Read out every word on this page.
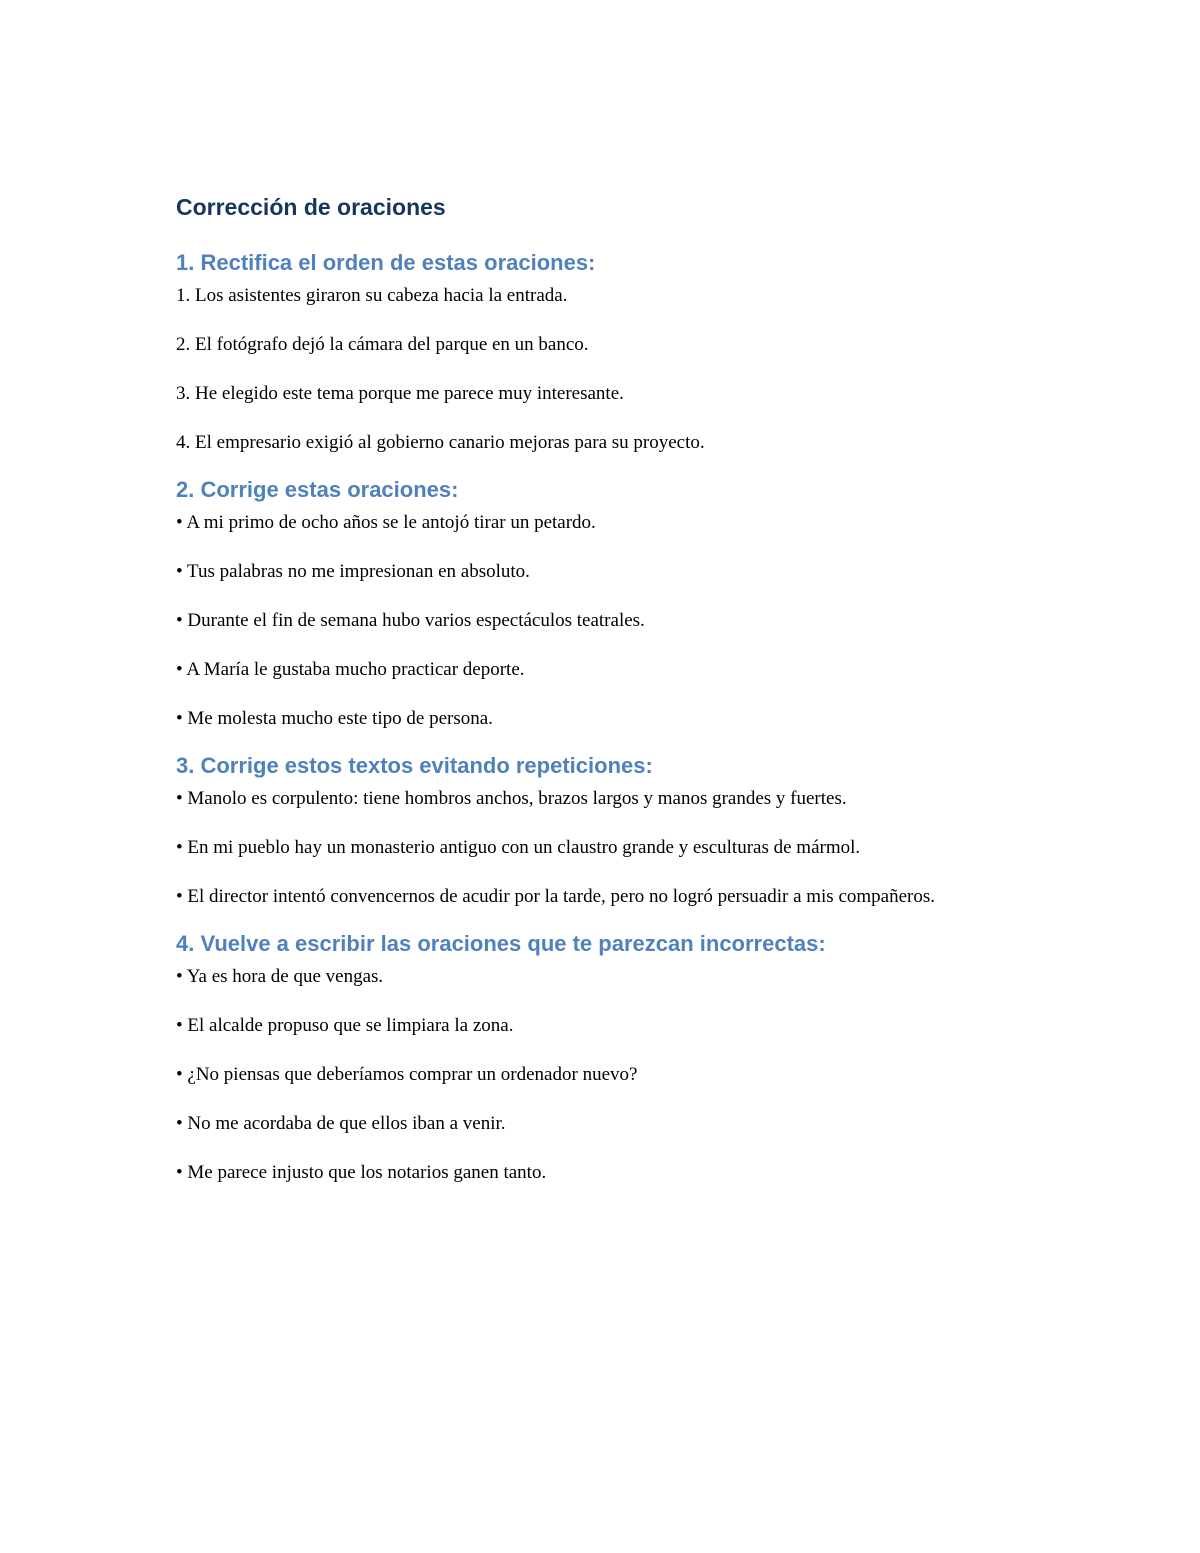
Corrección de oraciones
1. Rectifica el orden de estas oraciones:

1. Los asistentes giraron su cabeza hacia la entrada.

2. El fotógrafo dejó la cámara del parque en un banco.

3. He elegido este tema porque me parece muy interesante.

4. El empresario exigió al gobierno canario mejoras para su proyecto.

2. Corrige estas oraciones:

• A mi primo de ocho años se le antojó tirar un petardo.

• Tus palabras no me impresionan en absoluto.

• Durante el fin de semana hubo varios espectáculos teatrales.

• A María le gustaba mucho practicar deporte.

• Me molesta mucho este tipo de persona.

3. Corrige estos textos evitando repeticiones:

• Manolo es corpulento: tiene hombros anchos, brazos largos y manos grandes y fuertes.

• En mi pueblo hay un monasterio antiguo con un claustro grande y esculturas de mármol.

• El director intentó convencernos de acudir por la tarde, pero no logró persuadir a mis compañeros.

4. Vuelve a escribir las oraciones que te parezcan incorrectas:

• Ya es hora de que vengas.

• El alcalde propuso que se limpiara la zona.

• ¿No piensas que deberíamos comprar un ordenador nuevo?

• No me acordaba de que ellos iban a venir.

• Me parece injusto que los notarios ganen tanto.
